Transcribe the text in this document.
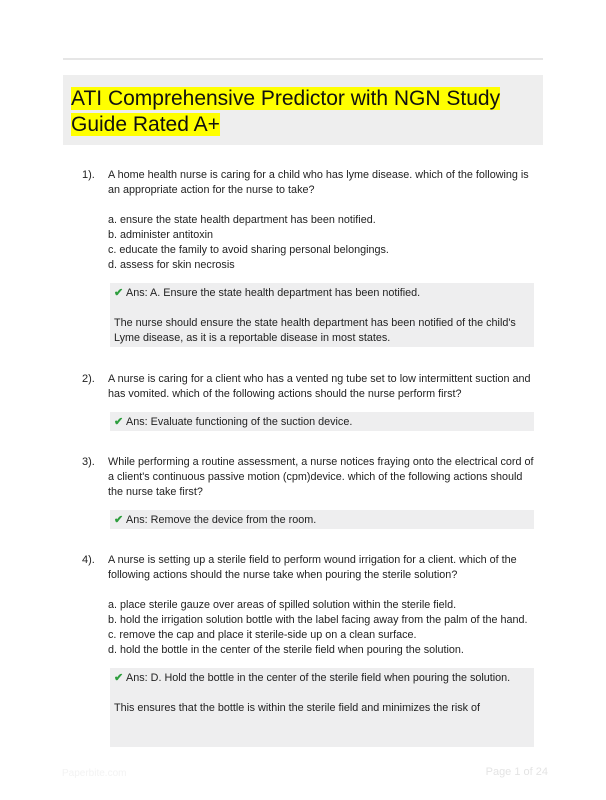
ATI Comprehensive Predictor with NGN Study Guide Rated A+
1). A home health nurse is caring for a child who has lyme disease. which of the following is an appropriate action for the nurse to take?
a. ensure the state health department has been notified.
b. administer antitoxin
c. educate the family to avoid sharing personal belongings.
d. assess for skin necrosis
✔ Ans: A. Ensure the state health department has been notified.
The nurse should ensure the state health department has been notified of the child's Lyme disease, as it is a reportable disease in most states.
2). A nurse is caring for a client who has a vented ng tube set to low intermittent suction and has vomited. which of the following actions should the nurse perform first?
✔ Ans: Evaluate functioning of the suction device.
3). While performing a routine assessment, a nurse notices fraying onto the electrical cord of a client's continuous passive motion (cpm)device. which of the following actions should the nurse take first?
✔ Ans: Remove the device from the room.
4). A nurse is setting up a sterile field to perform wound irrigation for a client. which of the following actions should the nurse take when pouring the sterile solution?
a. place sterile gauze over areas of spilled solution within the sterile field.
b. hold the irrigation solution bottle with the label facing away from the palm of the hand.
c. remove the cap and place it sterile-side up on a clean surface.
d. hold the bottle in the center of the sterile field when pouring the solution.
✔ Ans: D. Hold the bottle in the center of the sterile field when pouring the solution.
This ensures that the bottle is within the sterile field and minimizes the risk of
Paperbite.com	Page 1 of 24
